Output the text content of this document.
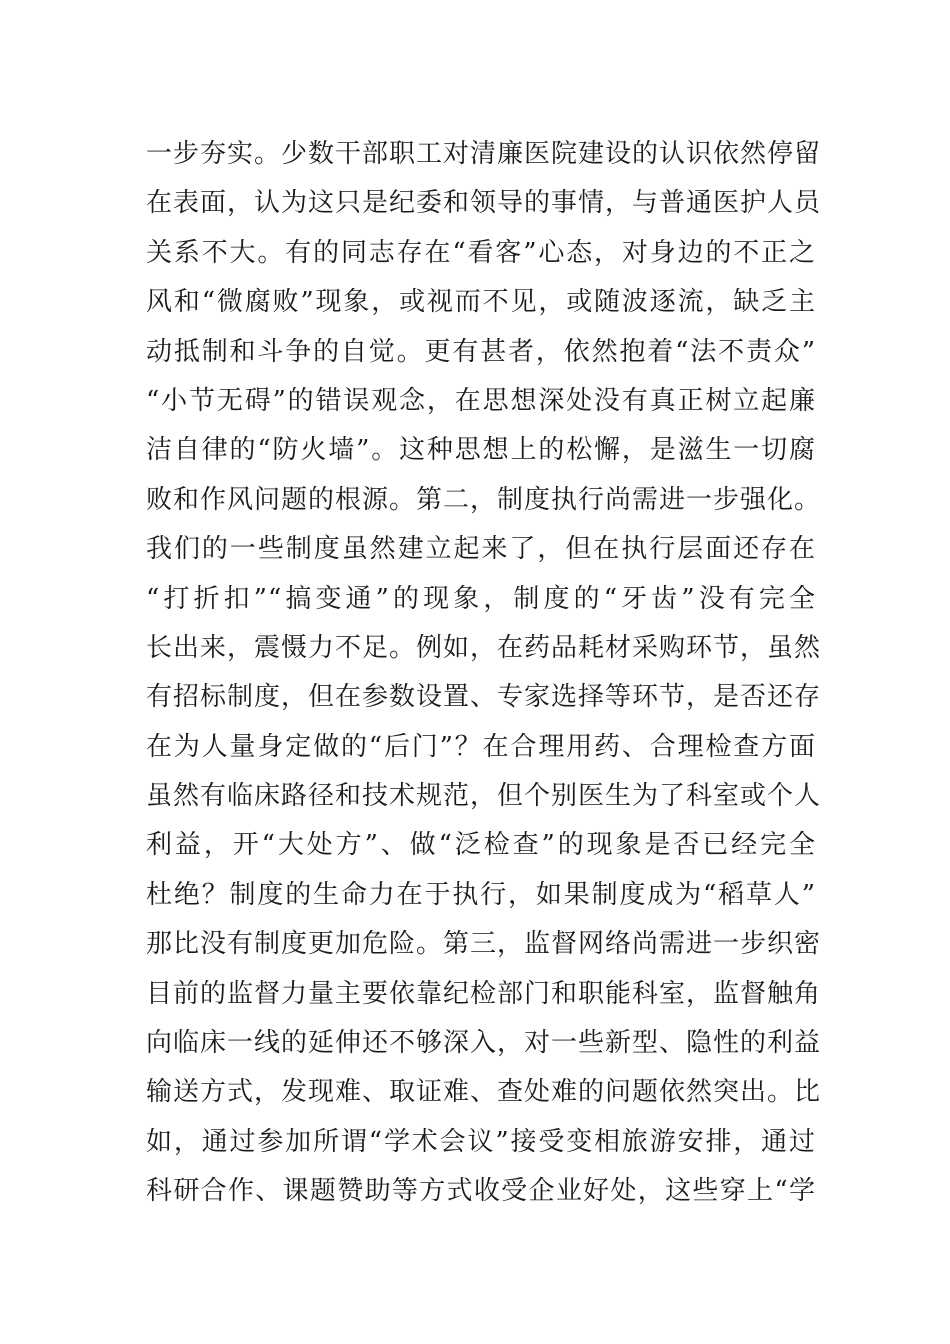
一步夯实。少数干部职工对清廉医院建设的认识依然停留
在表面，认为这只是纪委和领导的事情，与普通医护人员
关系不大。有的同志存在“看客”心态，对身边的不正之
风和“微腐败”现象，或视而不见，或随波逐流，缺乏主
动抵制和斗争的自觉。更有甚者，依然抱着“法不责众”
“小节无碍”的错误观念，在思想深处没有真正树立起廉
洁自律的“防火墙”。这种思想上的松懈，是滋生一切腐
败和作风问题的根源。第二，制度执行尚需进一步强化。
我们的一些制度虽然建立起来了，但在执行层面还存在
“打折扣”“搞变通”的现象，制度的“牙齿”没有完全
长出来，震慑力不足。例如，在药品耗材采购环节，虽然
有招标制度，但在参数设置、专家选择等环节，是否还存
在为人量身定做的“后门”？在合理用药、合理检查方面
虽然有临床路径和技术规范，但个别医生为了科室或个人
利益，开“大处方”、做“泛检查”的现象是否已经完全
杜绝？制度的生命力在于执行，如果制度成为“稻草人”
那比没有制度更加危险。第三，监督网络尚需进一步织密
目前的监督力量主要依靠纪检部门和职能科室，监督触角
向临床一线的延伸还不够深入，对一些新型、隐性的利益
输送方式，发现难、取证难、查处难的问题依然突出。比
如，通过参加所谓“学术会议”接受变相旅游安排，通过
科研合作、课题赞助等方式收受企业好处，这些穿上“学
